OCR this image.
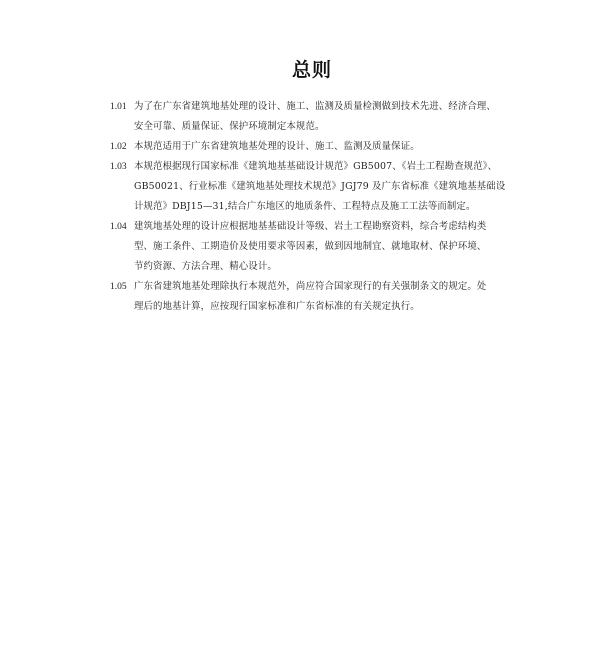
总则
1.01 为了在广东省建筑地基处理的设计、施工、监测及质量检测做到技术先进、经济合理、
安全可靠、质量保证、保护环境制定本规范。
1.02 本规范适用于广东省建筑地基处理的设计、施工、监测及质量保证。
1.03 本规范根据现行国家标准《建筑地基基础设计规范》GB5007、《岩土工程勘查规范》、
GB50021、行业标准《建筑地基处理技术规范》JGJ79 及广东省标准《建筑地基基础设
计规范》DBJ15—31,结合广东地区的地质条件、工程特点及施工工法等而制定。
1.04 建筑地基处理的设计应根据地基基础设计等级、岩土工程勘察资料，综合考虑结构类
型、施工条件、工期造价及使用要求等因素，做到因地制宜、就地取材、保护环境、
节约资源、方法合理、精心设计。
1.05 广东省建筑地基处理除执行本规范外，尚应符合国家现行的有关强制条文的规定。处
理后的地基计算，应按现行国家标准和广东省标准的有关规定执行。
